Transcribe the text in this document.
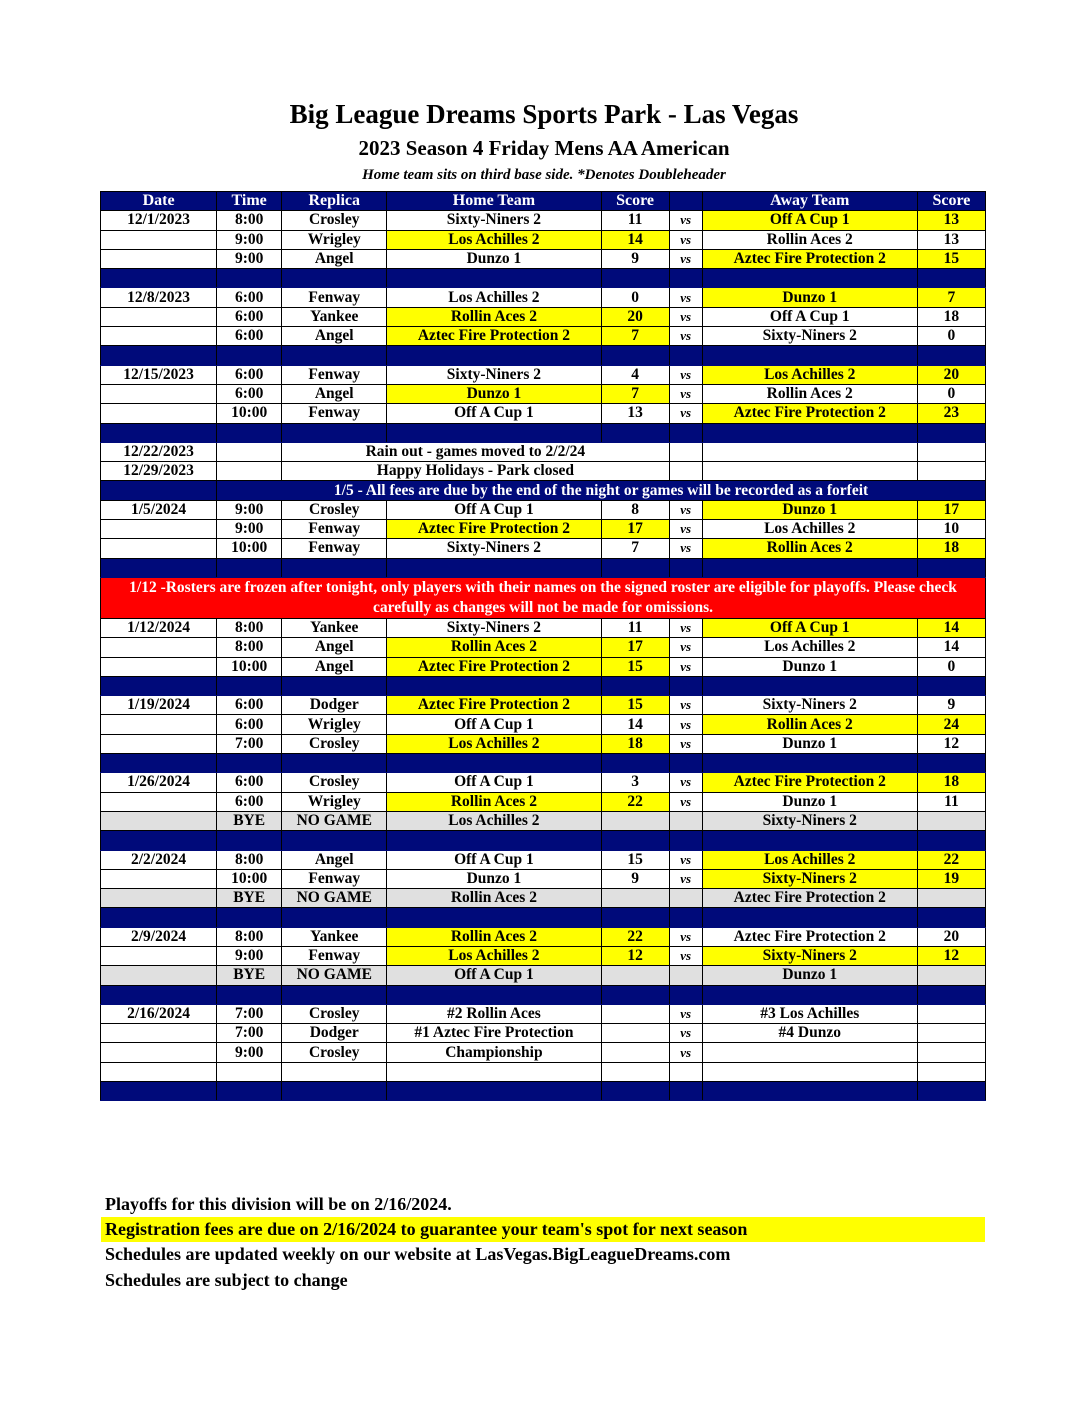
Big League Dreams Sports Park - Las Vegas
2023 Season 4 Friday Mens AA American
Home team sits on third base side. *Denotes Doubleheader
Date	Time	Replica	Home Team	Score		Away Team	Score
12/1/2023	8:00	Crosley	Sixty-Niners 2	11	vs	Off A Cup 1	13
	9:00	Wrigley	Los Achilles 2	14	vs	Rollin Aces 2	13
	9:00	Angel	Dunzo 1	9	vs	Aztec Fire Protection 2	15

12/8/2023	6:00	Fenway	Los Achilles 2	0	vs	Dunzo 1	7
	6:00	Yankee	Rollin Aces 2	20	vs	Off A Cup 1	18
	6:00	Angel	Aztec Fire Protection 2	7	vs	Sixty-Niners 2	0

12/15/2023	6:00	Fenway	Sixty-Niners 2	4	vs	Los Achilles 2	20
	6:00	Angel	Dunzo 1	7	vs	Rollin Aces 2	0
	10:00	Fenway	Off A Cup 1	13	vs	Aztec Fire Protection 2	23

12/22/2023		Rain out - games moved to 2/2/24					
12/29/2023		Happy Holidays - Park closed					
	1/5 - All fees are due by the end of the night or games will be recorded as a forfeit						
1/5/2024	9:00	Crosley	Off A Cup 1	8	vs	Dunzo 1	17
	9:00	Fenway	Aztec Fire Protection 2	17	vs	Los Achilles 2	10
	10:00	Fenway	Sixty-Niners 2	7	vs	Rollin Aces 2	18

1/12 -Rosters are frozen after tonight, only players with their names on the signed roster are eligible for playoffs. Please check carefully as changes will not be made for omissions.							
1/12/2024	8:00	Yankee	Sixty-Niners 2	11	vs	Off A Cup 1	14
	8:00	Angel	Rollin Aces 2	17	vs	Los Achilles 2	14
	10:00	Angel	Aztec Fire Protection 2	15	vs	Dunzo 1	0

1/19/2024	6:00	Dodger	Aztec Fire Protection 2	15	vs	Sixty-Niners 2	9
	6:00	Wrigley	Off A Cup 1	14	vs	Rollin Aces 2	24
	7:00	Crosley	Los Achilles 2	18	vs	Dunzo 1	12

1/26/2024	6:00	Crosley	Off A Cup 1	3	vs	Aztec Fire Protection 2	18
	6:00	Wrigley	Rollin Aces 2	22	vs	Dunzo 1	11
	BYE	NO GAME	Los Achilles 2			Sixty-Niners 2	

2/2/2024	8:00	Angel	Off A Cup 1	15	vs	Los Achilles 2	22
	10:00	Fenway	Dunzo 1	9	vs	Sixty-Niners 2	19
	BYE	NO GAME	Rollin Aces 2			Aztec Fire Protection 2	

2/9/2024	8:00	Yankee	Rollin Aces 2	22	vs	Aztec Fire Protection 2	20
	9:00	Fenway	Los Achilles 2	12	vs	Sixty-Niners 2	12
	BYE	NO GAME	Off A Cup 1			Dunzo 1	

2/16/2024	7:00	Crosley	#2 Rollin Aces		vs	#3 Los Achilles	
	7:00	Dodger	#1 Aztec Fire Protection		vs	#4 Dunzo	
	9:00	Crosley	Championship		vs		

Playoffs for this division will be on 2/16/2024.
Registration fees are due on 2/16/2024 to guarantee your team's spot for next season
Schedules are updated weekly on our website at LasVegas.BigLeagueDreams.com
Schedules are subject to change
